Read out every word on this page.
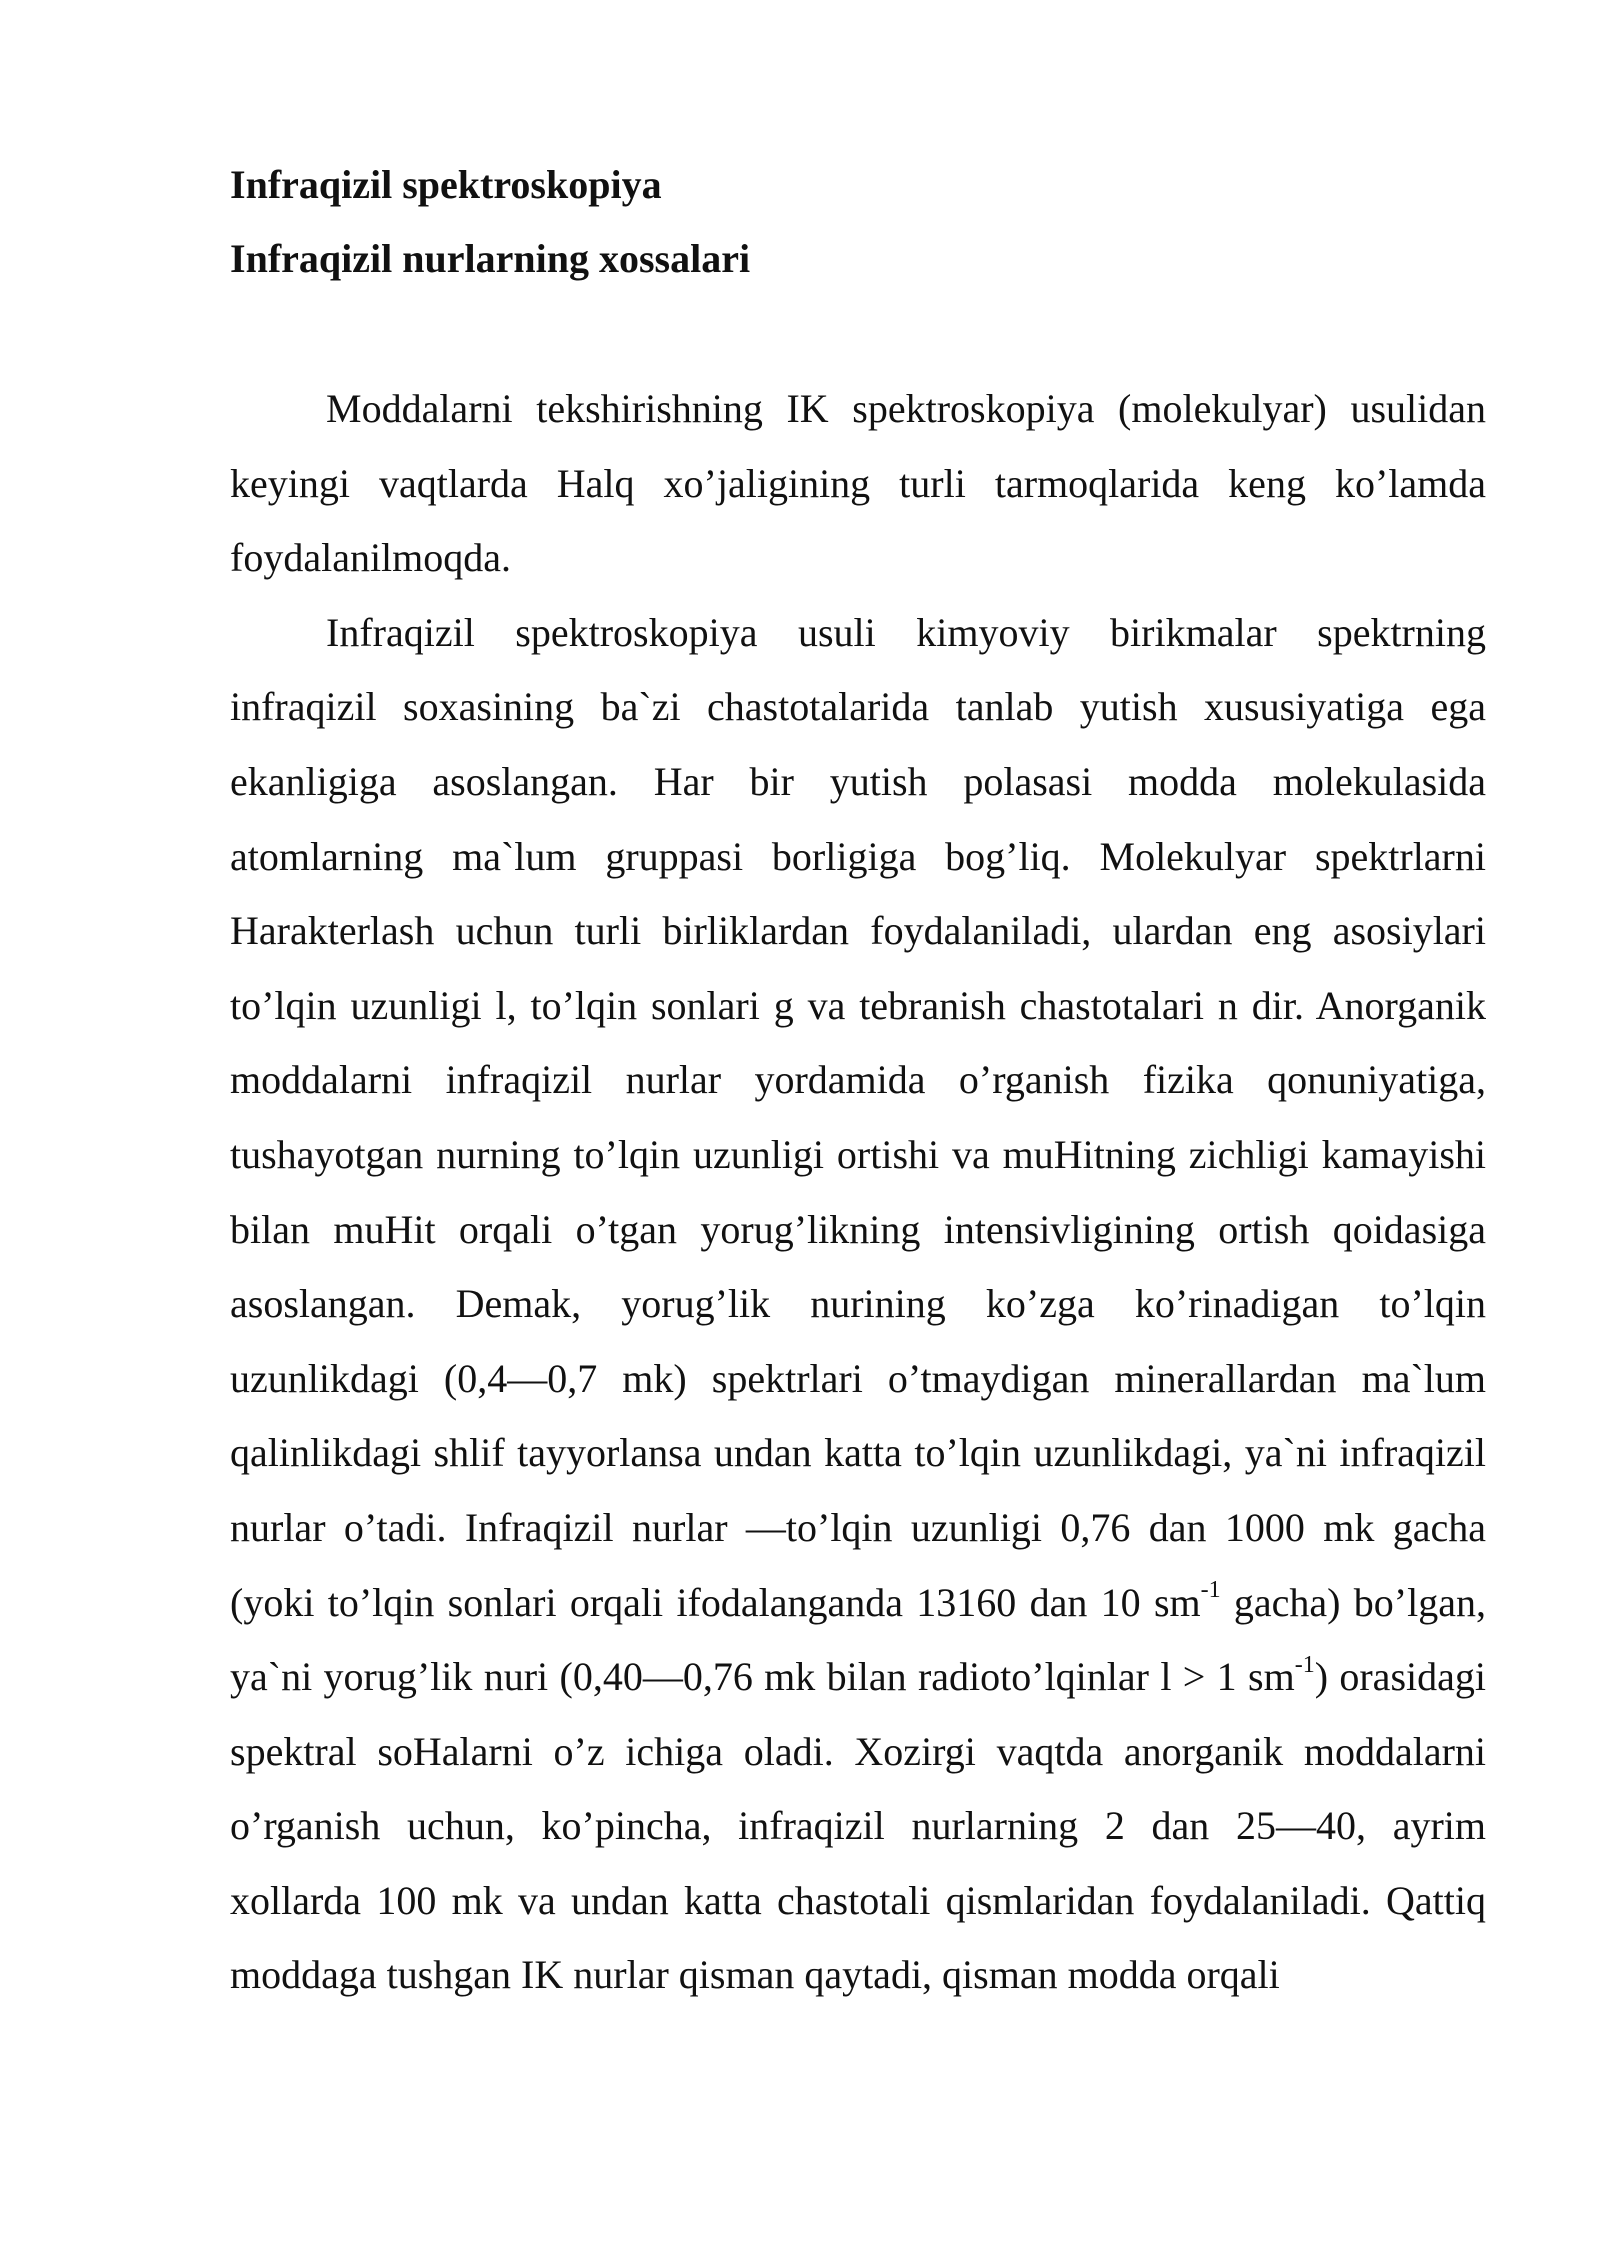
Infraqizil spektroskopiya
Infraqizil nurlarning xossalari

Moddalarni tekshirishning IK spektroskopiya (molekulyar) usulidan keyingi vaqtlarda Halq xo’jaligining turli tarmoqlarida keng ko’lamda foydalanilmoqda.

Infraqizil spektroskopiya usuli kimyoviy birikmalar spektrning infraqizil soxasining ba`zi chastotalarida tanlab yutish xususiyatiga ega ekanligiga asoslangan. Har bir yutish polasasi modda molekulasida atomlarning ma`lum gruppasi borligiga bog’liq. Molekulyar spektrlarni Harakterlash uchun turli birliklardan foydalaniladi, ulardan eng asosiylari to’lqin uzunligi l, to’lqin sonlari g va tebranish chastotalari n dir. Anorganik moddalarni infraqizil nurlar yordamida o’rganish fizika qonuniyatiga, tushayotgan nurning to’lqin uzunligi ortishi va muHitning zichligi kamayishi bilan muHit orqali o’tgan yorug’likning intensivligining ortish qoidasiga asoslangan. Demak, yorug’lik nurining ko’zga ko’rinadigan to’lqin uzunlikdagi (0,4—0,7 mk) spektrlari o’tmaydigan minerallardan ma`lum qalinlikdagi shlif tayyorlansa undan katta to’lqin uzunlikdagi, ya`ni infraqizil nurlar o’tadi. Infraqizil nurlar —to’lqin uzunligi 0,76 dan 1000 mk gacha (yoki to’lqin sonlari orqali ifodalanganda 13160 dan 10 $sm^{-1}$ gacha) bo’lgan, ya`ni yorug’lik nuri (0,40—0,76 mk bilan radioto’lqinlar l > 1 $sm^{-1}$) orasidagi spektral soHalarni o’z ichiga oladi. Xozirgi vaqtda anorganik moddalarni o’rganish uchun, ko’pincha, infraqizil nurlarning 2 dan 25—40, ayrim xollarda 100 mk va undan katta chastotali qismlaridan foydalaniladi. Qattiq moddaga tushgan IK nurlar qisman qaytadi, qisman modda orqali
